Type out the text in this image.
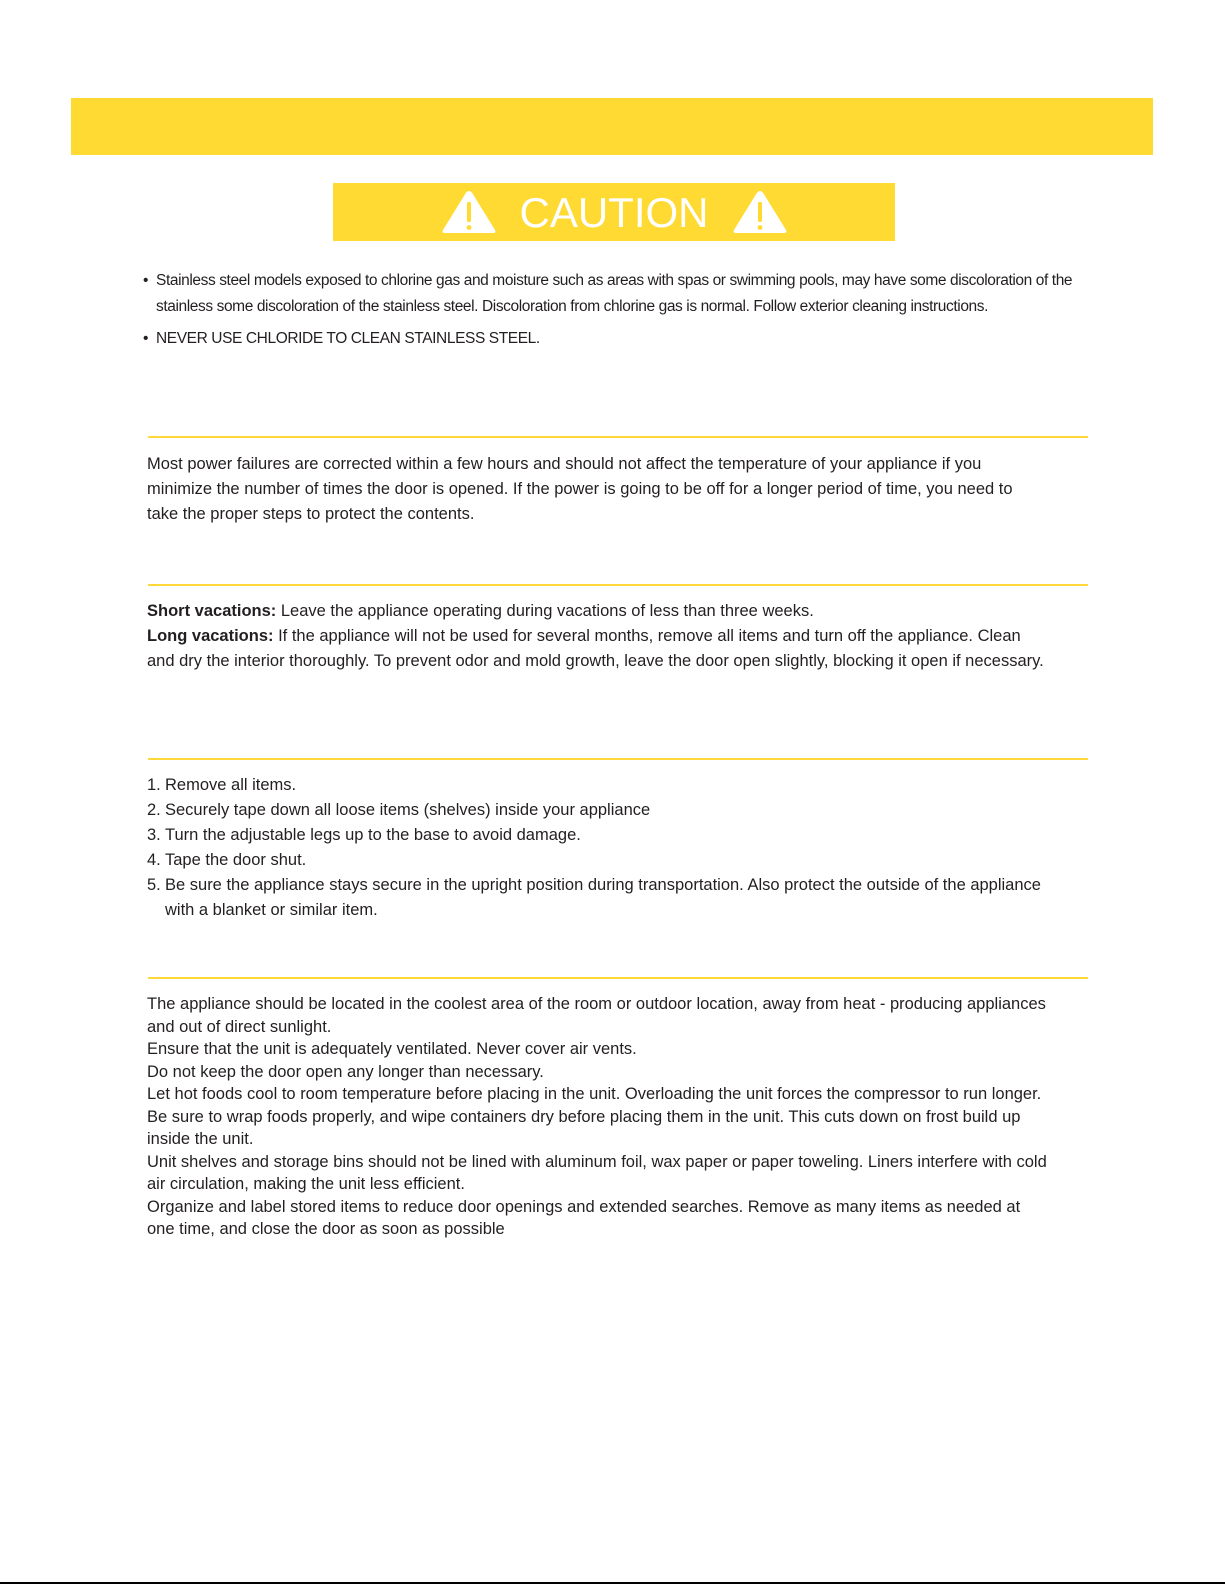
CAUTION
• Stainless steel models exposed to chlorine gas and moisture such as areas with spas or swimming pools, may have some discoloration of the stainless some discoloration of the stainless steel. Discoloration from chlorine gas is normal. Follow exterior cleaning instructions.
• NEVER USE CHLORIDE TO CLEAN STAINLESS STEEL.

Most power failures are corrected within a few hours and should not affect the temperature of your appliance if you minimize the number of times the door is opened. If the power is going to be off for a longer period of time, you need to take the proper steps to protect the contents.

Short vacations: Leave the appliance operating during vacations of less than three weeks.

Long vacations: If the appliance will not be used for several months, remove all items and turn off the appliance. Clean and dry the interior thoroughly. To prevent odor and mold growth, leave the door open slightly, blocking it open if necessary.

1. Remove all items.
2. Securely tape down all loose items (shelves) inside your appliance
3. Turn the adjustable legs up to the base to avoid damage.
4. Tape the door shut.
5. Be sure the appliance stays secure in the upright position during transportation. Also protect the outside of the appliance with a blanket or similar item.

The appliance should be located in the coolest area of the room or outdoor location, away from heat - producing appliances and out of direct sunlight.

Ensure that the unit is adequately ventilated. Never cover air vents.

Do not keep the door open any longer than necessary.

Let hot foods cool to room temperature before placing in the unit. Overloading the unit forces the compressor to run longer.

Be sure to wrap foods properly, and wipe containers dry before placing them in the unit. This cuts down on frost build up inside the unit.

Unit shelves and storage bins should not be lined with aluminum foil, wax paper or paper toweling. Liners interfere with cold air circulation, making the unit less efficient.

Organize and label stored items to reduce door openings and extended searches. Remove as many items as needed at one time, and close the door as soon as possible
